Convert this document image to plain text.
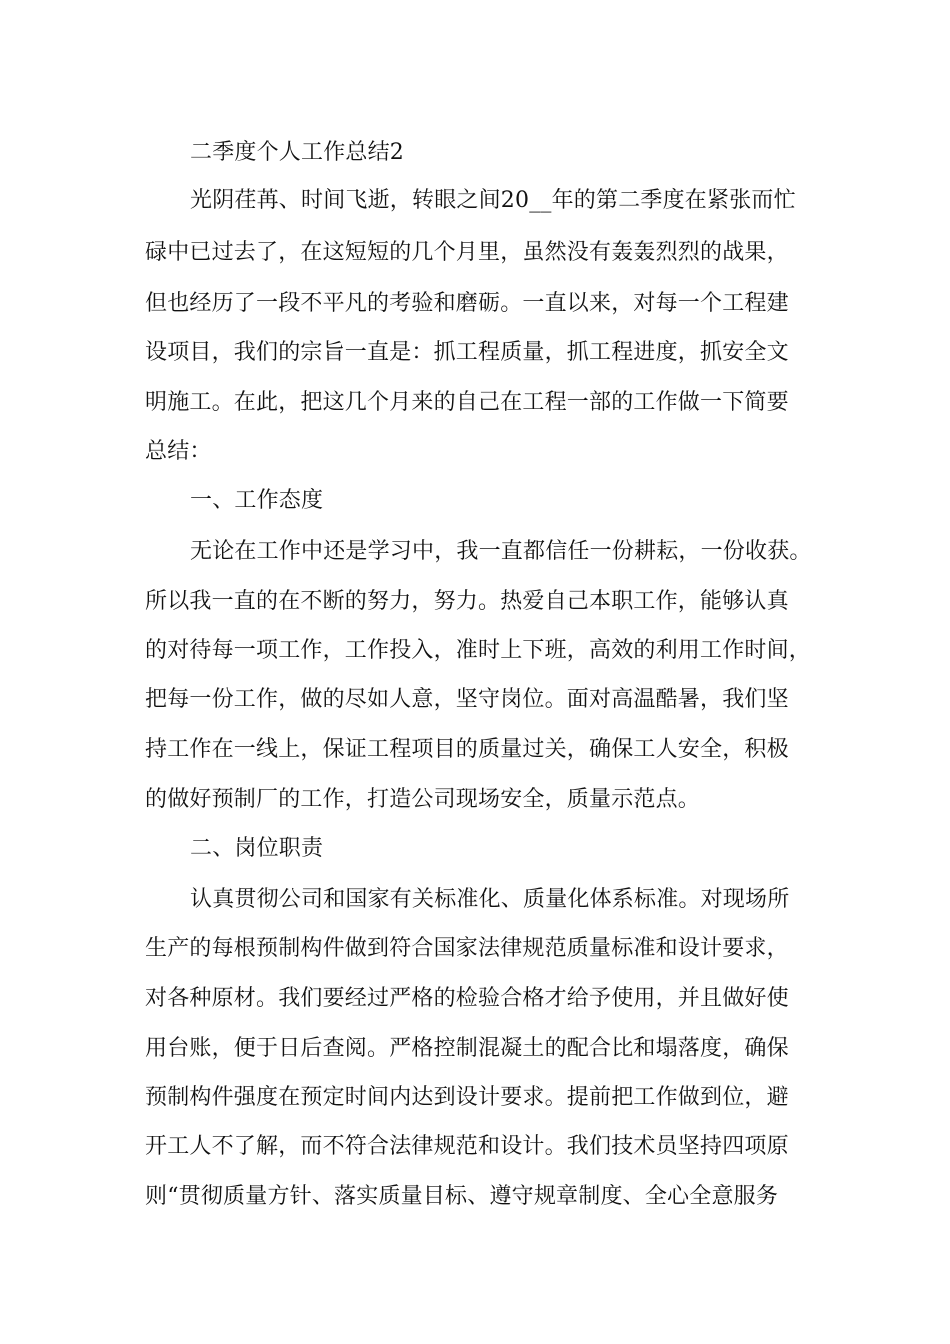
二季度个人工作总结2
光阴荏苒、时间飞逝，转眼之间20__年的第二季度在紧张而忙
碌中已过去了，在这短短的几个月里，虽然没有轰轰烈烈的战果，
但也经历了一段不平凡的考验和磨砺。一直以来，对每一个工程建
设项目，我们的宗旨一直是：抓工程质量，抓工程进度，抓安全文
明施工。在此，把这几个月来的自己在工程一部的工作做一下简要
总结：
一、工作态度
无论在工作中还是学习中，我一直都信任一份耕耘，一份收获。
所以我一直的在不断的努力，努力。热爱自己本职工作，能够认真
的对待每一项工作，工作投入，准时上下班，高效的利用工作时间，
把每一份工作，做的尽如人意，坚守岗位。面对高温酷暑，我们坚
持工作在一线上，保证工程项目的质量过关，确保工人安全，积极
的做好预制厂的工作，打造公司现场安全，质量示范点。
二、岗位职责
认真贯彻公司和国家有关标准化、质量化体系标准。对现场所
生产的每根预制构件做到符合国家法律规范质量标准和设计要求，
对各种原材。我们要经过严格的检验合格才给予使用，并且做好使
用台账，便于日后查阅。严格控制混凝土的配合比和塌落度，确保
预制构件强度在预定时间内达到设计要求。提前把工作做到位，避
开工人不了解，而不符合法律规范和设计。我们技术员坚持四项原
则“贯彻质量方针、落实质量目标、遵守规章制度、全心全意服务
